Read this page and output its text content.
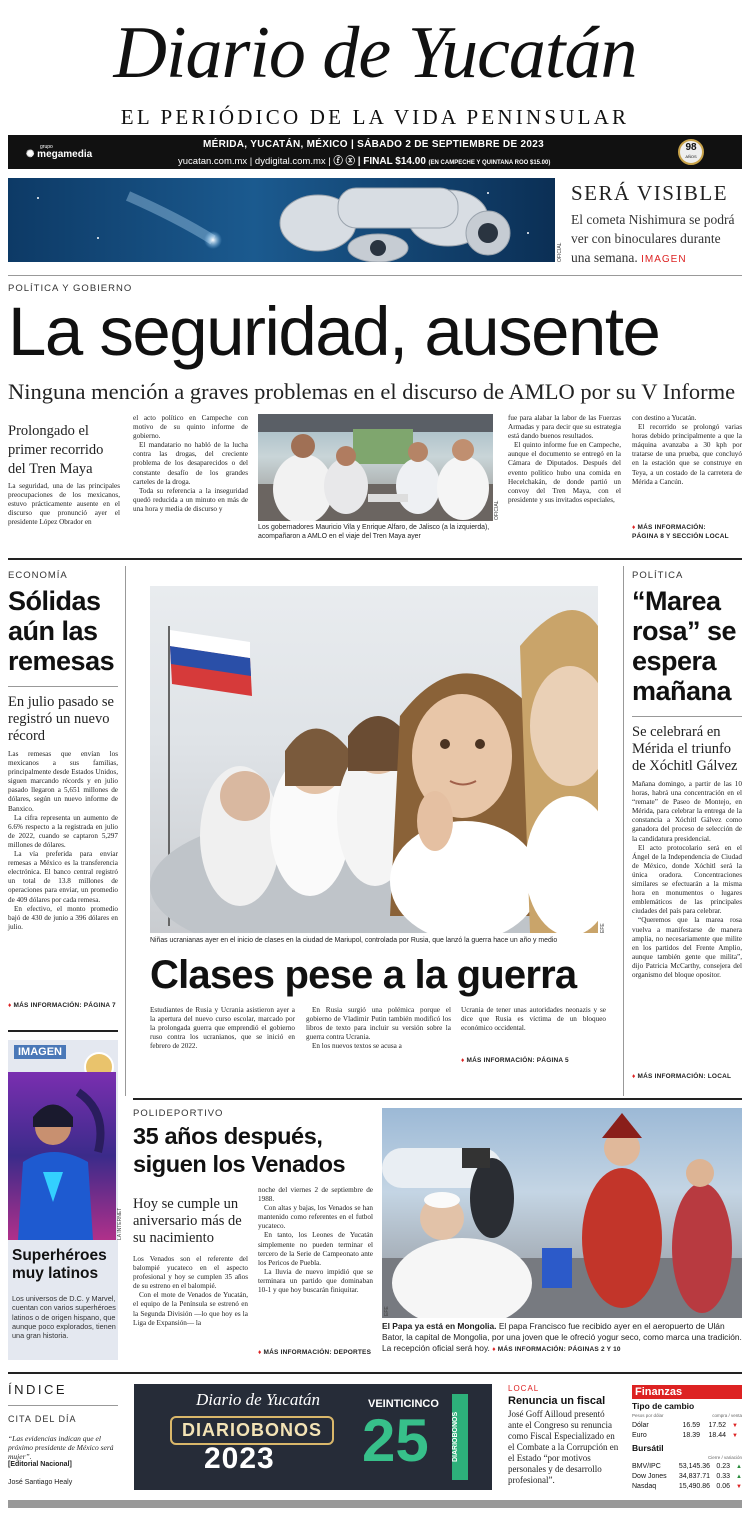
Diario de Yucatán
EL PERIÓDICO DE LA VIDA PENINSULAR
grupo
✺ megamedia
MÉRIDA, YUCATÁN, MÉXICO | SÁBADO 2 DE SEPTIEMBRE DE 2023
yucatan.com.mx | dydigital.com.mx | ⓕ ⓧ | FINAL $14.00 (EN CAMPECHE Y QUINTANA ROO $15.00)
98
AÑOS
OFICIAL
SERÁ VISIBLE
El cometa Nishimura se podrá ver con binoculares durante una semana. IMAGEN
POLÍTICA Y GOBIERNO
La seguridad, ausente
Ninguna mención a graves problemas en el discurso de AMLO por su V Informe
Prolongado el primer recorrido del Tren Maya

La seguridad, una de las principales preocupaciones de los mexicanos, estuvo prácticamente ausente en el discurso que pronunció ayer el presidente López Obrador en

el acto político en Campeche con motivo de su quinto informe de gobierno.

El mandatario no habló de la lucha contra las drogas, del creciente problema de los desaparecidos o del constante desafío de los grandes carteles de la droga.

Toda su referencia a la inseguridad quedó reducida a un minuto en más de una hora y media de discurso y	OFICIAL
Los gobernadores Mauricio Vila y Enrique Alfaro, de Jalisco (a la izquierda), acompañaron a AMLO en el viaje del Tren Maya ayer

fue para alabar la labor de las Fuerzas Armadas y para decir que su estrategia está dando buenos resultados.

El quinto informe fue en Campeche, aunque el documento se entregó en la Cámara de Diputados. Después del evento político hubo una comida en Hecelchakán, de donde partió un convoy del Tren Maya, con el presidente y sus invitados especiales,

con destino a Yucatán.

El recorrido se prolongó varias horas debido principalmente a que la máquina avanzaba a 30 kph por tratarse de una prueba, que concluyó en la estación que se construye en Teya, a un costado de la carretera de Mérida a Cancún.

♦ MÁS INFORMACIÓN:
PÁGINA 8 Y SECCIÓN LOCAL
ECONOMÍA
Sólidas aún las remesas
En julio pasado se registró un nuevo récord

Las remesas que envían los mexicanos a sus familias, principalmente desde Estados Unidos, siguen marcando récords y en julio pasado llegaron a 5,651 millones de dólares, según un nuevo informe de Banxico.

La cifra representa un aumento de 6.6% respecto a la registrada en julio de 2022, cuando se captaron 5,297 millones de dólares.

La vía preferida para enviar remesas a México es la transferencia electrónica. El banco central registró un total de 13.8 millones de operaciones para enviar, un promedio de 409 dólares por cada remesa.

En efectivo, el monto promedio bajó de 430 de junio a 396 dólares en julio.

♦ MÁS INFORMACIÓN: PÁGINA 7
EFE
Niñas ucranianas ayer en el inicio de clases en la ciudad de Mariupol, controlada por Rusia, que lanzó la guerra hace un año y medio
Clases pese a la guerra

Estudiantes de Rusia y Ucrania asistieron ayer a la apertura del nuevo curso escolar, marcado por la prolongada guerra que emprendió el gobierno ruso contra los ucranianos, que se inició en febrero de 2022.

En Rusia surgió una polémica porque el gobierno de Vladimir Putin también modificó los libros de texto para incluir su versión sobre la guerra contra Ucrania.

En los nuevos textos se acusa a

Ucrania de tener unas autoridades neonazis y se dice que Rusia es víctima de un bloqueo económico occidental.

♦ MÁS INFORMACIÓN: PÁGINA 5
POLÍTICA
“Marea rosa” se espera mañana
Se celebrará en Mérida el triunfo de Xóchitl Gálvez

Mañana domingo, a partir de las 10 horas, habrá una concentración en el “remate” de Paseo de Montejo, en Mérida, para celebrar la entrega de la constancia a Xóchitl Gálvez como ganadora del proceso de selección de la candidatura presidencial.

El acto protocolario será en el Ángel de la Independencia de Ciudad de México, donde Xóchitl será la única oradora. Concentraciones similares se efectuarán a la misma hora en monumentos o lugares emblemáticos de las principales ciudades del país para celebrar.

“Queremos que la marea rosa vuelva a manifestarse de manera amplia, no necesariamente que milite en los partidos del Frente Amplio, aunque también gente que milita”, dijo Patricia McCarthy, consejera del organismo del bloque opositor.

♦ MÁS INFORMACIÓN: LOCAL
IMAGEN
LA INTERNET
Superhéroes muy latinos
Los universos de D.C. y Marvel, cuentan con varios superhéroes latinos o de origen hispano, que aunque poco explorados, tienen una gran historia.
POLIDEPORTIVO
35 años después, siguen los Venados
Hoy se cumple un aniversario más de su nacimiento

Los Venados son el referente del balompié yucateco en el aspecto profesional y hoy se cumplen 35 años de su estreno en el balompié.

Con el mote de Venados de Yucatán, el equipo de la Península se estrenó en la Segunda División —lo que hoy es la Liga de Expansión— la

noche del viernes 2 de septiembre de 1988.

Con altas y bajas, los Venados se han mantenido como referentes en el futbol yucateco.

En tanto, los Leones de Yucatán simplemente no pueden terminar el tercero de la Serie de Campeonato ante los Pericos de Puebla.

La lluvia de nuevo impidió que se terminara un partido que dominaban 10-1 y que hoy buscarán finiquitar.

♦ MÁS INFORMACIÓN: DEPORTES
EFE
El Papa ya está en Mongolia. El papa Francisco fue recibido ayer en el aeropuerto de Ulán Bator, la capital de Mongolia, por una joven que le ofreció yogur seco, como marca una tradición. La recepción oficial será hoy. ♦ MÁS INFORMACIÓN: PÁGINAS 2 Y 10
ÍNDICE
CITA DEL DÍA
“Las evidencias indican que el próximo presidente de México será mujer”.
[Editorial Nacional]
José Santiago Healy
Diario de Yucatán
DIARIOBONOS
2023
VEINTICINCO
25	DIARIOBONOS
LOCAL
Renuncia un fiscal
José Goff Ailloud presentó ante el Congreso su renuncia como Fiscal Especializado en el Combate a la Corrupción en el Estado “por motivos personales y de desarrollo profesional”.
Finanzas
Tipo de cambio
Pesos por dólar	compra / venta
Dólar	16.59	17.52	▼
Euro	18.39	18.44	▼
Bursátil
Cierre / variación
BMV/IPC	53,145.36 0.23	▲
Dow Jones	34,837.71 0.33	▲
Nasdaq	15,490.86 0.06	▼
